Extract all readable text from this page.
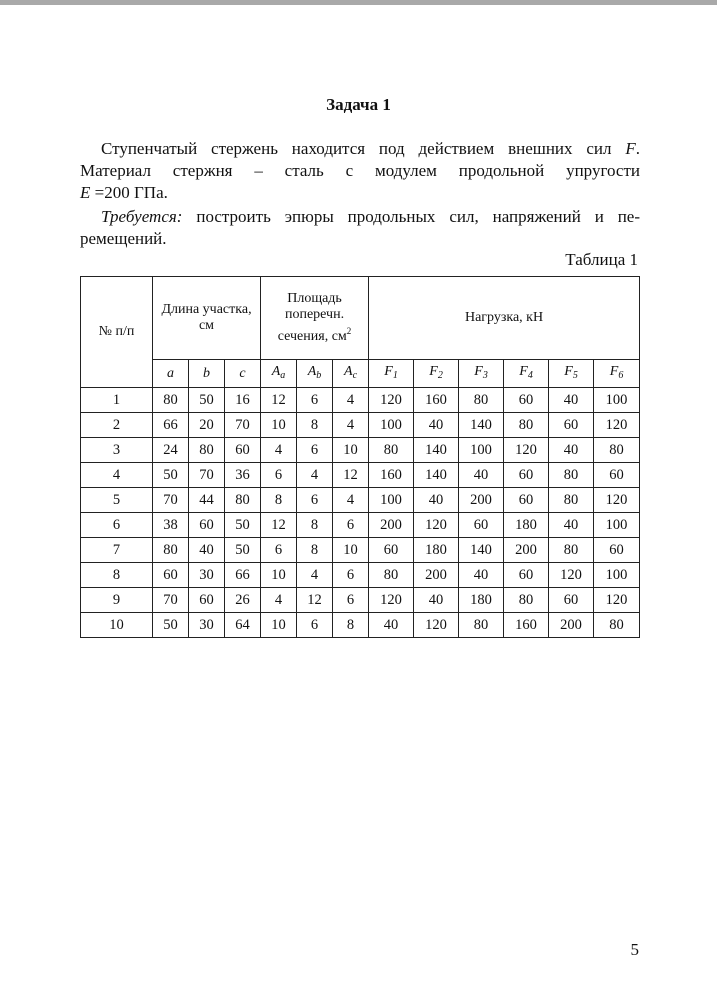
Задача 1

Ступенчатый стержень находится под действием внешних сил F.
Материал стержня – сталь с модулем продольной упругости
E =200 ГПа.

Требуется: построить эпюры продольных сил, напряжений и пе-
ремещений.

Таблица 1
№ п/п	Длина участка, см			Площадь поперечн. сечения, $см^2$			Нагрузка, кН					
	a	b	c	$A_a$	$A_b$	$A_c$	$F_1$	$F_2$	$F_3$	$F_4$	$F_5$	$F_6$
1	80	50	16	12	6	4	120	160	80	60	40	100
2	66	20	70	10	8	4	100	40	140	80	60	120
3	24	80	60	4	6	10	80	140	100	120	40	80
4	50	70	36	6	4	12	160	140	40	60	80	60
5	70	44	80	8	6	4	100	40	200	60	80	120
6	38	60	50	12	8	6	200	120	60	180	40	100
7	80	40	50	6	8	10	60	180	140	200	80	60
8	60	30	66	10	4	6	80	200	40	60	120	100
9	70	60	26	4	12	6	120	40	180	80	60	120
10	50	30	64	10	6	8	40	120	80	160	200	80
5
